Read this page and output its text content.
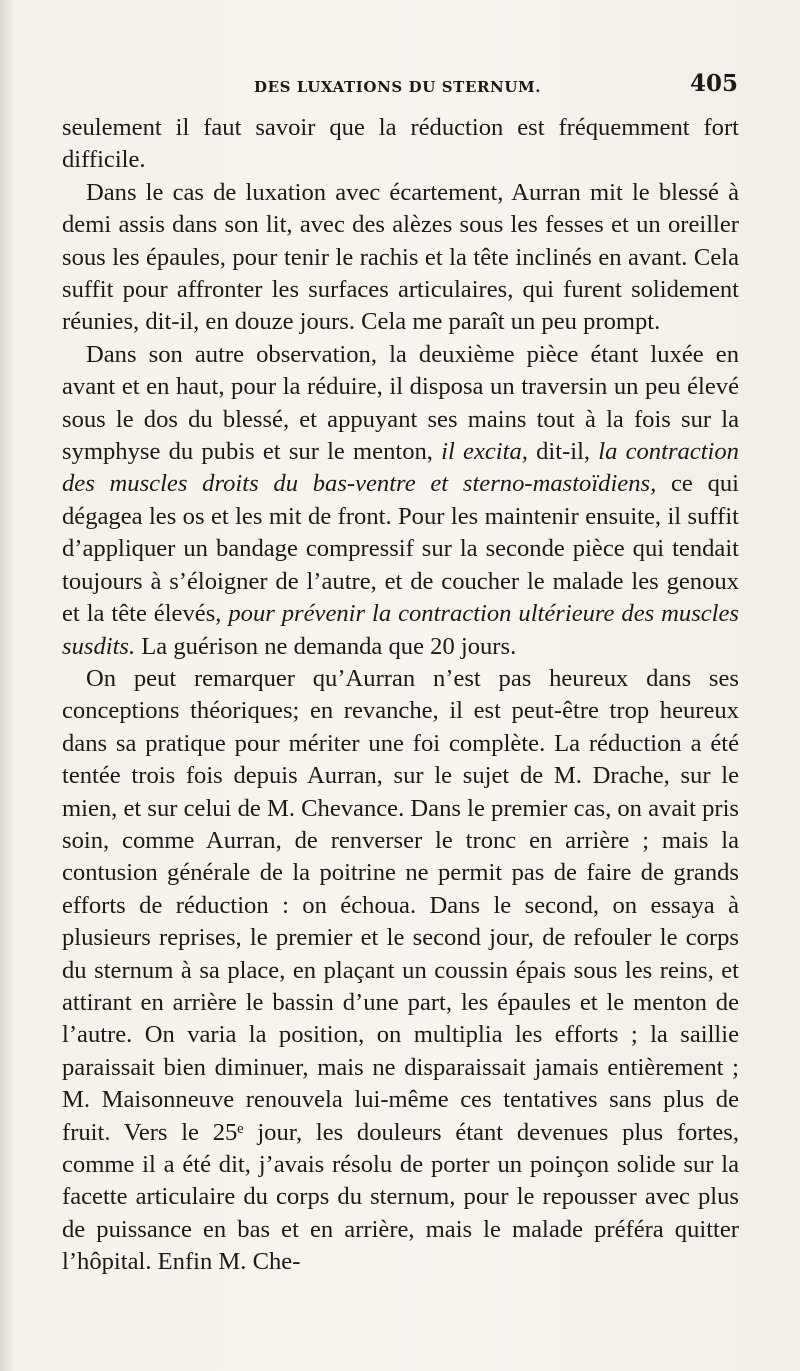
DES LUXATIONS DU STERNUM.	405

seulement il faut savoir que la réduction est fréquemment fort difficile.

Dans le cas de luxation avec écartement, Aurran mit le blessé à demi assis dans son lit, avec des alèzes sous les fesses et un oreiller sous les épaules, pour tenir le rachis et la tête inclinés en avant. Cela suffit pour affronter les surfaces articulaires, qui furent solidement réunies, dit-il, en douze jours. Cela me paraît un peu prompt.

Dans son autre observation, la deuxième pièce étant luxée en avant et en haut, pour la réduire, il disposa un traversin un peu élevé sous le dos du blessé, et appuyant ses mains tout à la fois sur la symphyse du pubis et sur le menton, il excita, dit-il, la contraction des muscles droits du bas-ventre et sterno-mastoïdiens, ce qui dégagea les os et les mit de front. Pour les maintenir ensuite, il suffit d’appliquer un bandage compressif sur la seconde pièce qui tendait toujours à s’éloigner de l’autre, et de coucher le malade les genoux et la tête élevés, pour prévenir la contraction ultérieure des muscles susdits. La guérison ne demanda que 20 jours.

On peut remarquer qu’Aurran n’est pas heureux dans ses conceptions théoriques; en revanche, il est peut-être trop heureux dans sa pratique pour mériter une foi complète. La réduction a été tentée trois fois depuis Aurran, sur le sujet de M. Drache, sur le mien, et sur celui de M. Chevance. Dans le premier cas, on avait pris soin, comme Aurran, de renverser le tronc en arrière ; mais la contusion générale de la poitrine ne permit pas de faire de grands efforts de réduction : on échoua. Dans le second, on essaya à plusieurs reprises, le premier et le second jour, de refouler le corps du sternum à sa place, en plaçant un coussin épais sous les reins, et attirant en arrière le bassin d’une part, les épaules et le menton de l’autre. On varia la position, on multiplia les efforts ; la saillie paraissait bien diminuer, mais ne disparaissait jamais entièrement ; M. Maisonneuve renouvela lui-même ces tentatives sans plus de fruit. Vers le 25ᵉ jour, les douleurs étant devenues plus fortes, comme il a été dit, j’avais résolu de porter un poinçon solide sur la facette articulaire du corps du sternum, pour le repousser avec plus de puissance en bas et en arrière, mais le malade préféra quitter l’hôpital. Enfin M. Che-
